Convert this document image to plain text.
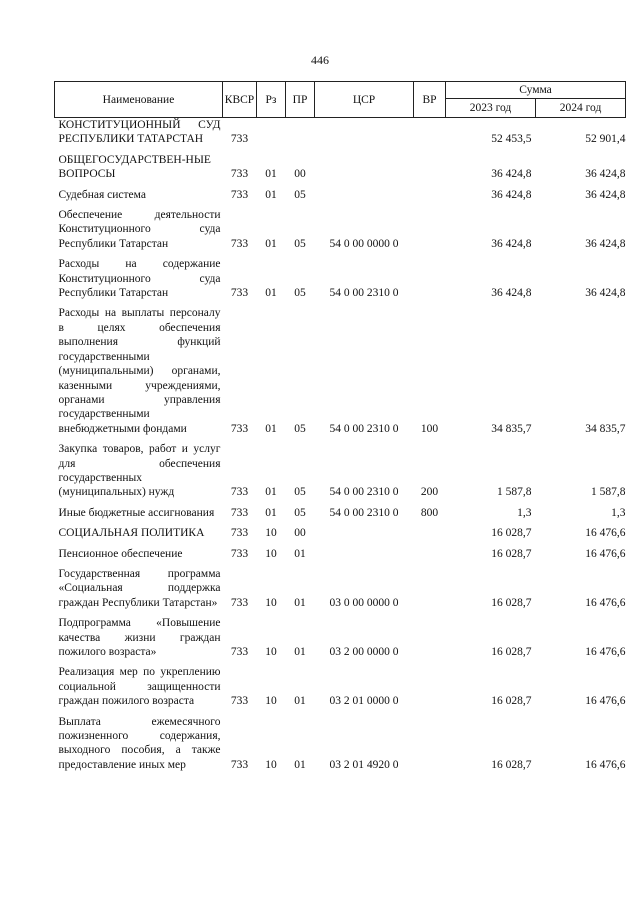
446
Наименование	КВСР	Рз	ПР	ЦСР	ВР	Сумма	
						2023 год	2024 год
КОНСТИТУЦИОННЫЙ СУД РЕСПУБЛИКИ ТАТАРСТАН	733					52 453,5	52 901,4
ОБЩЕГОСУДАРСТВЕН-НЫЕ ВОПРОСЫ	733	01	00			36 424,8	36 424,8
Судебная система	733	01	05			36 424,8	36 424,8
Обеспечение деятельности Конституционного суда Республики Татарстан	733	01	05	54 0 00 0000 0		36 424,8	36 424,8
Расходы на содержание Конституционного суда Республики Татарстан	733	01	05	54 0 00 2310 0		36 424,8	36 424,8
Расходы на выплаты персоналу в целях обеспечения выполнения функций государственными (муниципальными) органами, казенными учреждениями, органами управления государственными внебюджетными фондами	733	01	05	54 0 00 2310 0	100	34 835,7	34 835,7
Закупка товаров, работ и услуг для обеспечения государственных (муниципальных) нужд	733	01	05	54 0 00 2310 0	200	1 587,8	1 587,8
Иные бюджетные ассигнования	733	01	05	54 0 00 2310 0	800	1,3	1,3
СОЦИАЛЬНАЯ ПОЛИТИКА	733	10	00			16 028,7	16 476,6
Пенсионное обеспечение	733	10	01			16 028,7	16 476,6
Государственная программа «Социальная поддержка граждан Республики Татарстан»	733	10	01	03 0 00 0000 0		16 028,7	16 476,6
Подпрограмма «Повышение качества жизни граждан пожилого возраста»	733	10	01	03 2 00 0000 0		16 028,7	16 476,6
Реализация мер по укреплению социальной защищенности граждан пожилого возраста	733	10	01	03 2 01 0000 0		16 028,7	16 476,6
Выплата ежемесячного пожизненного содержания, выходного пособия, а также предоставление иных мер	733	10	01	03 2 01 4920 0		16 028,7	16 476,6
